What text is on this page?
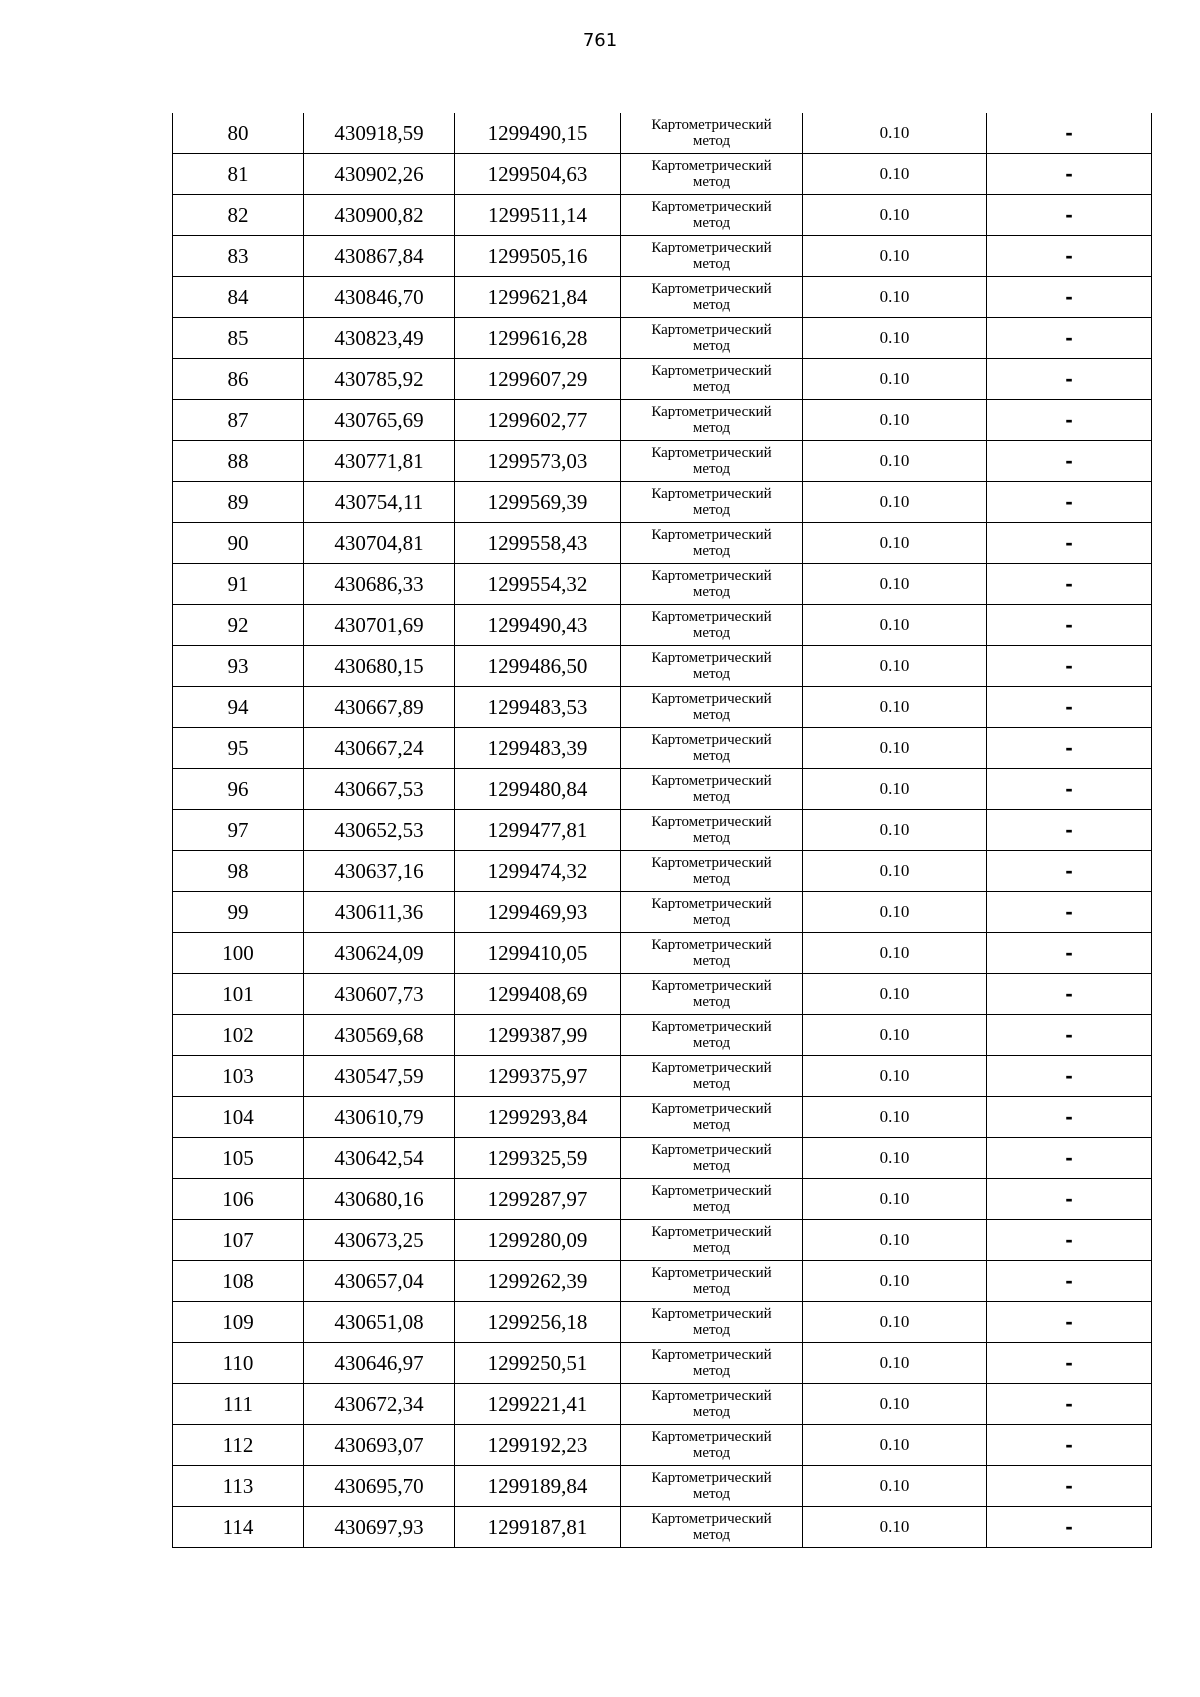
761
80	430918,59	1299490,15	Картометрический метод	0.10	-
81	430902,26	1299504,63	Картометрический метод	0.10	-
82	430900,82	1299511,14	Картометрический метод	0.10	-
83	430867,84	1299505,16	Картометрический метод	0.10	-
84	430846,70	1299621,84	Картометрический метод	0.10	-
85	430823,49	1299616,28	Картометрический метод	0.10	-
86	430785,92	1299607,29	Картометрический метод	0.10	-
87	430765,69	1299602,77	Картометрический метод	0.10	-
88	430771,81	1299573,03	Картометрический метод	0.10	-
89	430754,11	1299569,39	Картометрический метод	0.10	-
90	430704,81	1299558,43	Картометрический метод	0.10	-
91	430686,33	1299554,32	Картометрический метод	0.10	-
92	430701,69	1299490,43	Картометрический метод	0.10	-
93	430680,15	1299486,50	Картометрический метод	0.10	-
94	430667,89	1299483,53	Картометрический метод	0.10	-
95	430667,24	1299483,39	Картометрический метод	0.10	-
96	430667,53	1299480,84	Картометрический метод	0.10	-
97	430652,53	1299477,81	Картометрический метод	0.10	-
98	430637,16	1299474,32	Картометрический метод	0.10	-
99	430611,36	1299469,93	Картометрический метод	0.10	-
100	430624,09	1299410,05	Картометрический метод	0.10	-
101	430607,73	1299408,69	Картометрический метод	0.10	-
102	430569,68	1299387,99	Картометрический метод	0.10	-
103	430547,59	1299375,97	Картометрический метод	0.10	-
104	430610,79	1299293,84	Картометрический метод	0.10	-
105	430642,54	1299325,59	Картометрический метод	0.10	-
106	430680,16	1299287,97	Картометрический метод	0.10	-
107	430673,25	1299280,09	Картометрический метод	0.10	-
108	430657,04	1299262,39	Картометрический метод	0.10	-
109	430651,08	1299256,18	Картометрический метод	0.10	-
110	430646,97	1299250,51	Картометрический метод	0.10	-
111	430672,34	1299221,41	Картометрический метод	0.10	-
112	430693,07	1299192,23	Картометрический метод	0.10	-
113	430695,70	1299189,84	Картометрический метод	0.10	-
114	430697,93	1299187,81	Картометрический метод	0.10	-
